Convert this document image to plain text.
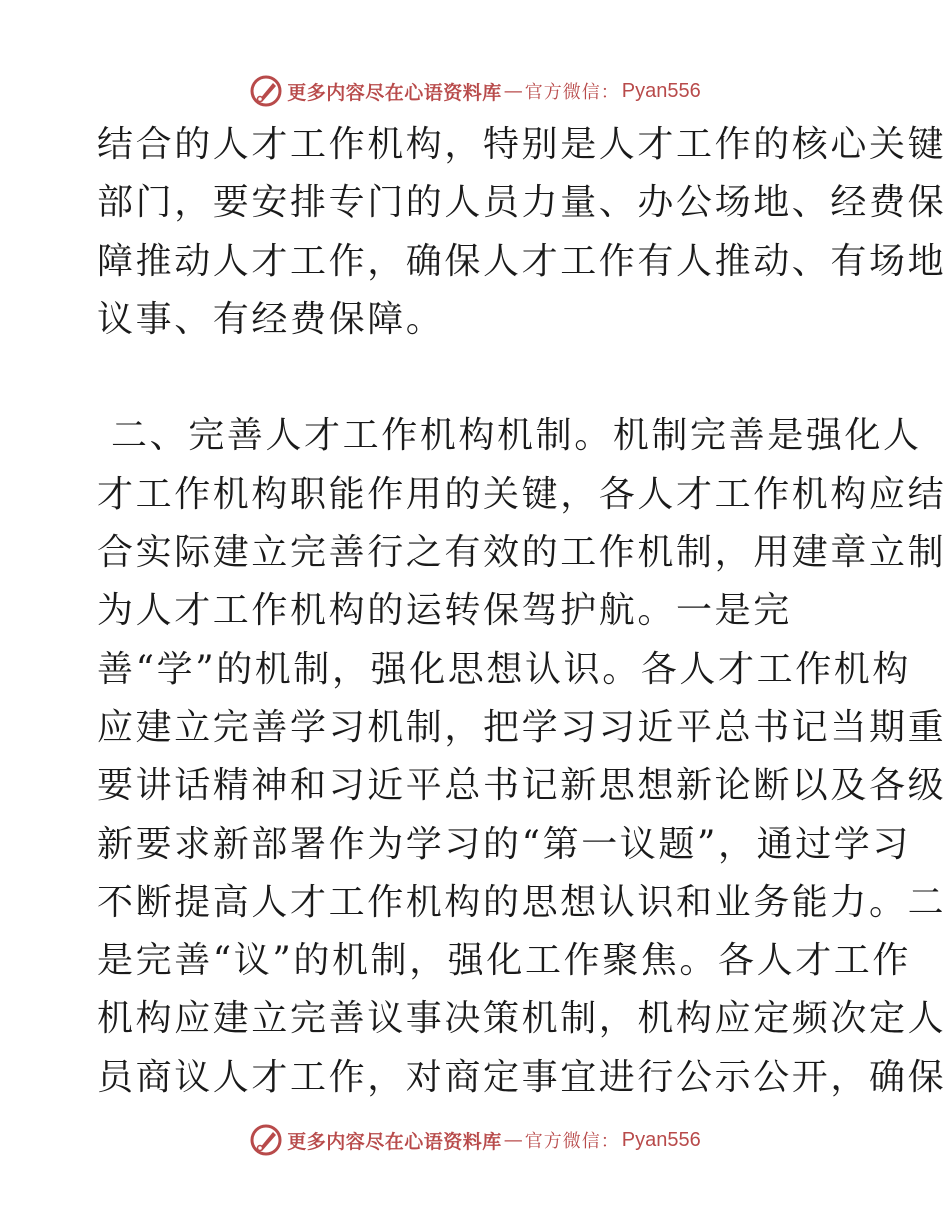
更多内容尽在心语资料库 — 官方微信： Pyan556
结合的人才工作机构，特别是人才工作的核心关键
部门，要安排专门的人员力量、办公场地、经费保
障推动人才工作，确保人才工作有人推动、有场地
议事、有经费保障。
二、完善人才工作机构机制。机制完善是强化人
才工作机构职能作用的关键，各人才工作机构应结
合实际建立完善行之有效的工作机制，用建章立制
为人才工作机构的运转保驾护航。一是完
善“学”的机制，强化思想认识。各人才工作机构
应建立完善学习机制，把学习习近平总书记当期重
要讲话精神和习近平总书记新思想新论断以及各级
新要求新部署作为学习的“第一议题”，通过学习
不断提高人才工作机构的思想认识和业务能力。二
是完善“议”的机制，强化工作聚焦。各人才工作
机构应建立完善议事决策机制，机构应定频次定人
员商议人才工作，对商定事宜进行公示公开，确保
更多内容尽在心语资料库 — 官方微信： Pyan556
